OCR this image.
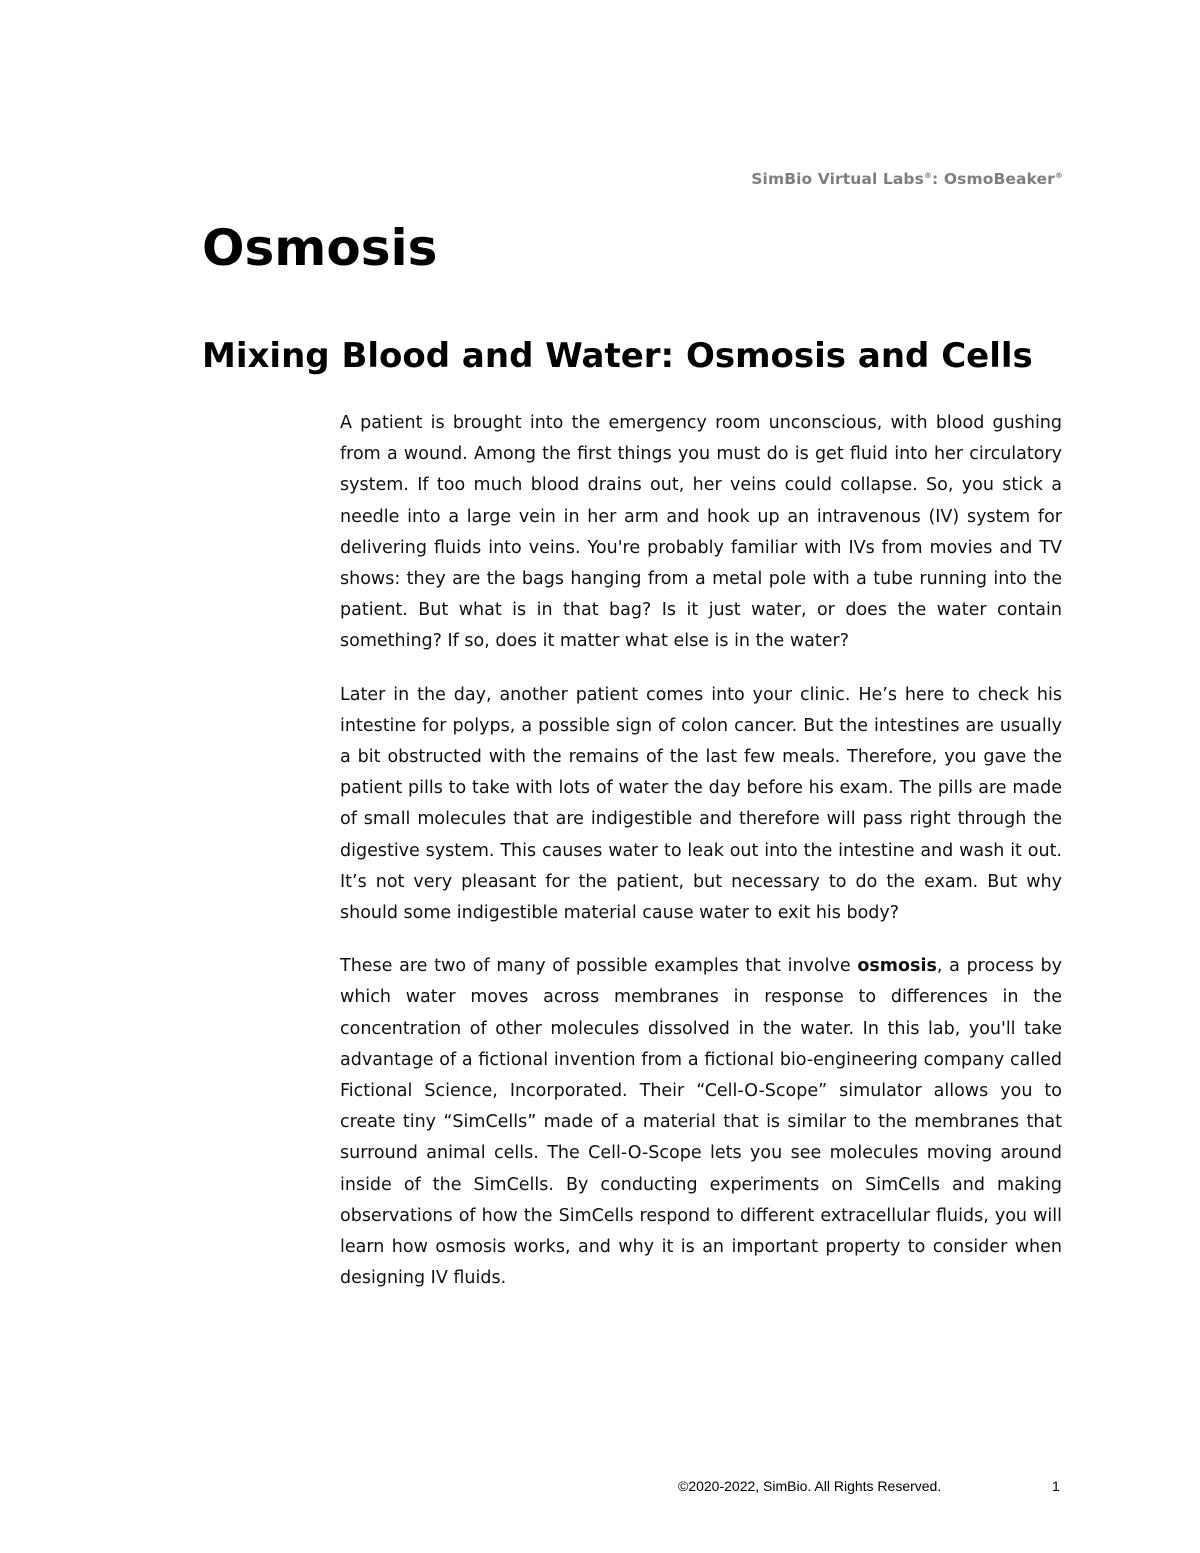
SimBio Virtual Labs®: OsmoBeaker®
Osmosis
Mixing Blood and Water: Osmosis and Cells

A patient is brought into the emergency room unconscious, with blood gushing from a wound. Among the first things you must do is get fluid into her circulatory system. If too much blood drains out, her veins could collapse. So, you stick a needle into a large vein in her arm and hook up an intravenous (IV) system for delivering fluids into veins. You're probably familiar with IVs from movies and TV shows: they are the bags hanging from a metal pole with a tube running into the patient. But what is in that bag? Is it just water, or does the water contain something? If so, does it matter what else is in the water?

Later in the day, another patient comes into your clinic. He’s here to check his intestine for polyps, a possible sign of colon cancer. But the intestines are usually a bit obstructed with the remains of the last few meals. Therefore, you gave the patient pills to take with lots of water the day before his exam. The pills are made of small molecules that are indigestible and therefore will pass right through the digestive system. This causes water to leak out into the intestine and wash it out. It’s not very pleasant for the patient, but necessary to do the exam. But why should some indigestible material cause water to exit his body?

These are two of many of possible examples that involve osmosis, a process by which water moves across membranes in response to differences in the concentration of other molecules dissolved in the water. In this lab, you'll take advantage of a fictional invention from a fictional bio-engineering company called Fictional Science, Incorporated. Their “Cell-O-Scope” simulator allows you to create tiny “SimCells” made of a material that is similar to the membranes that surround animal cells. The Cell-O-Scope lets you see molecules moving around inside of the SimCells. By conducting experiments on SimCells and making observations of how the SimCells respond to different extracellular fluids, you will learn how osmosis works, and why it is an important property to consider when designing IV fluids.

©2020-2022, SimBio. All Rights Reserved.	1
